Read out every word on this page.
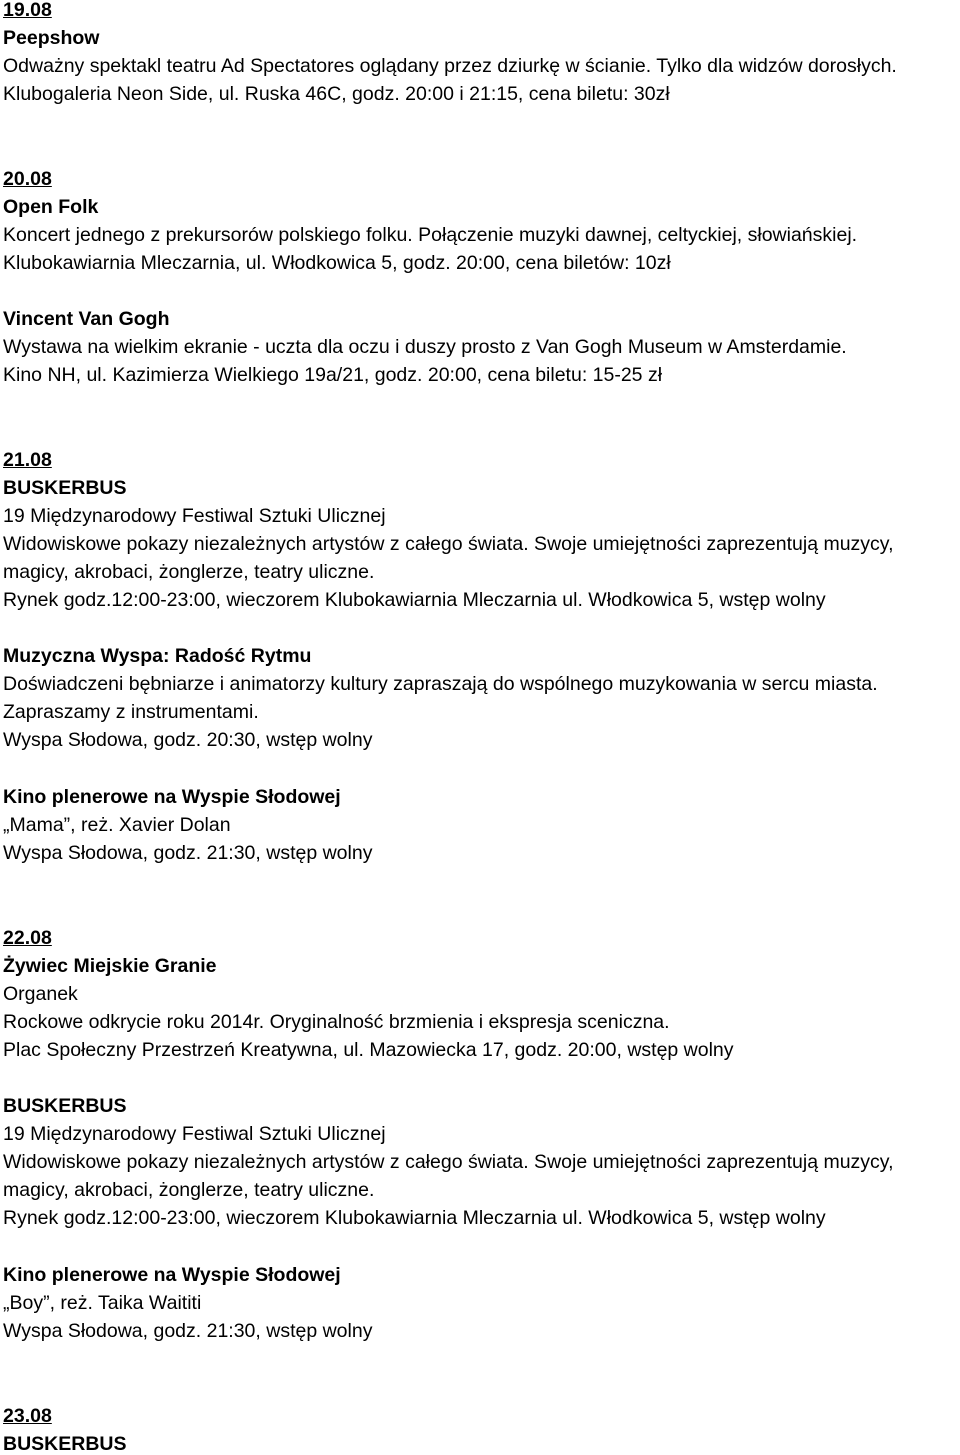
19.08
Peepshow
Odważny spektakl teatru Ad Spectatores oglądany przez dziurkę w ścianie. Tylko dla widzów dorosłych.
Klubogaleria Neon Side, ul. Ruska 46C, godz. 20:00 i 21:15, cena biletu: 30zł
20.08
Open Folk
Koncert jednego z prekursorów polskiego folku. Połączenie muzyki dawnej, celtyckiej, słowiańskiej.
Klubokawiarnia Mleczarnia, ul. Włodkowica 5, godz. 20:00, cena biletów: 10zł
Vincent Van Gogh
Wystawa na wielkim ekranie - uczta dla oczu i duszy prosto z Van Gogh Museum w Amsterdamie.
Kino NH, ul. Kazimierza Wielkiego 19a/21, godz. 20:00, cena biletu: 15-25 zł
21.08
BUSKERBUS
19 Międzynarodowy Festiwal Sztuki Ulicznej
Widowiskowe pokazy niezależnych artystów z całego świata. Swoje umiejętności zaprezentują muzycy,
magicy, akrobaci, żonglerze, teatry uliczne.
Rynek godz.12:00-23:00, wieczorem Klubokawiarnia Mleczarnia ul. Włodkowica 5, wstęp wolny
Muzyczna Wyspa: Radość Rytmu
Doświadczeni bębniarze i animatorzy kultury zapraszają do wspólnego muzykowania w sercu miasta.
Zapraszamy z instrumentami.
Wyspa Słodowa, godz. 20:30, wstęp wolny
Kino plenerowe na Wyspie Słodowej
„Mama”, reż. Xavier Dolan
Wyspa Słodowa, godz. 21:30, wstęp wolny
22.08
Żywiec Miejskie Granie
Organek
Rockowe odkrycie roku 2014r. Oryginalność brzmienia i ekspresja sceniczna.
Plac Społeczny Przestrzeń Kreatywna, ul. Mazowiecka 17, godz. 20:00, wstęp wolny
BUSKERBUS
19 Międzynarodowy Festiwal Sztuki Ulicznej
Widowiskowe pokazy niezależnych artystów z całego świata. Swoje umiejętności zaprezentują muzycy,
magicy, akrobaci, żonglerze, teatry uliczne.
Rynek godz.12:00-23:00, wieczorem Klubokawiarnia Mleczarnia ul. Włodkowica 5, wstęp wolny
Kino plenerowe na Wyspie Słodowej
„Boy”, reż. Taika Waititi
Wyspa Słodowa, godz. 21:30, wstęp wolny
23.08
BUSKERBUS
